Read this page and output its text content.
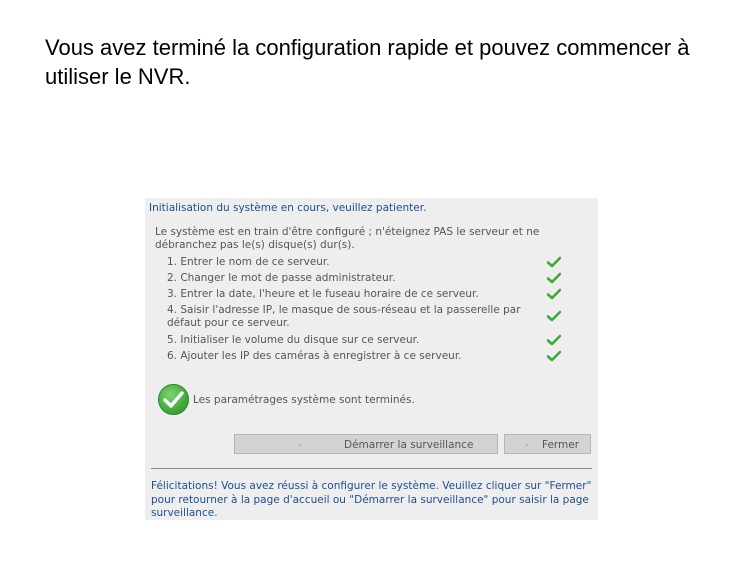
Vous avez terminé la configuration rapide et pouvez commencer à utiliser le NVR.
Initialisation du système en cours, veuillez patienter.
Le système est en train d'être configuré ; n'éteignez PAS le serveur et ne débranchez pas le(s) disque(s) dur(s).
1. Entrer le nom de ce serveur.
2. Changer le mot de passe administrateur.
3. Entrer la date, l'heure et le fuseau horaire de ce serveur.
4. Saisir l'adresse IP, le masque de sous-réseau et la passerelle par défaut pour ce serveur.
5. Initialiser le volume du disque sur ce serveur.
6. Ajouter les IP des caméras à enregistrer à ce serveur.
Les paramétrages système sont terminés.
-	Démarrer la surveillance	- Fermer
Félicitations! Vous avez réussi à configurer le système. Veuillez cliquer sur "Fermer" pour retourner à la page d'accueil ou "Démarrer la surveillance" pour saisir la page surveillance.
